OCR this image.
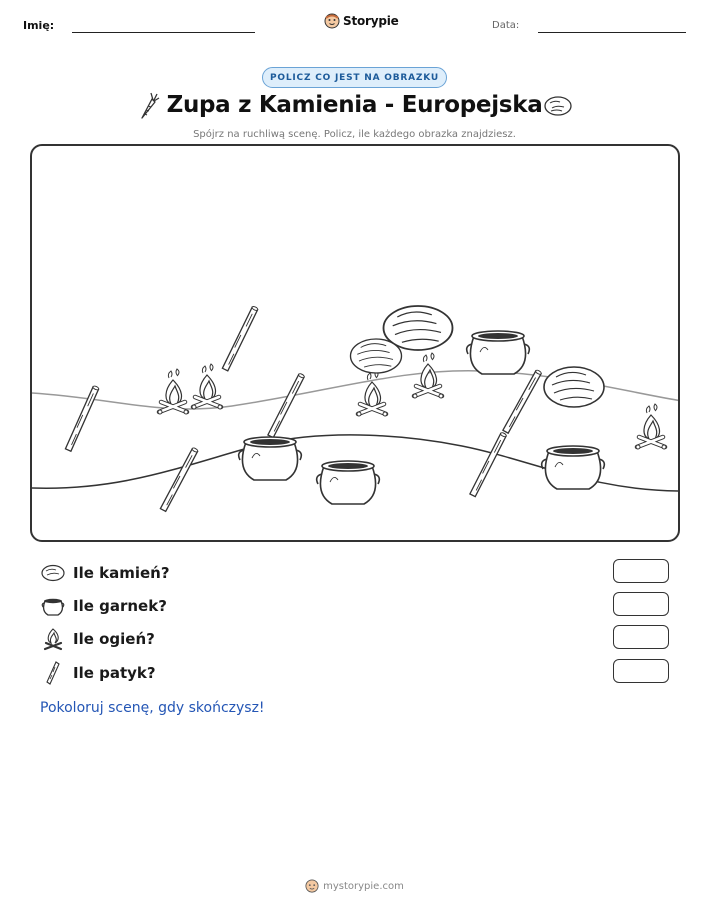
Imię:	Storypie	Data:
POLICZ CO JEST NA OBRAZKU
Zupa z Kamienia - Europejska
Spójrz na ruchliwą scenę. Policz, ile każdego obrazka znajdziesz.
Ile kamień?
Ile garnek?
Ile ogień?
Ile patyk?
Pokoloruj scenę, gdy skończysz!
mystorypie.com
